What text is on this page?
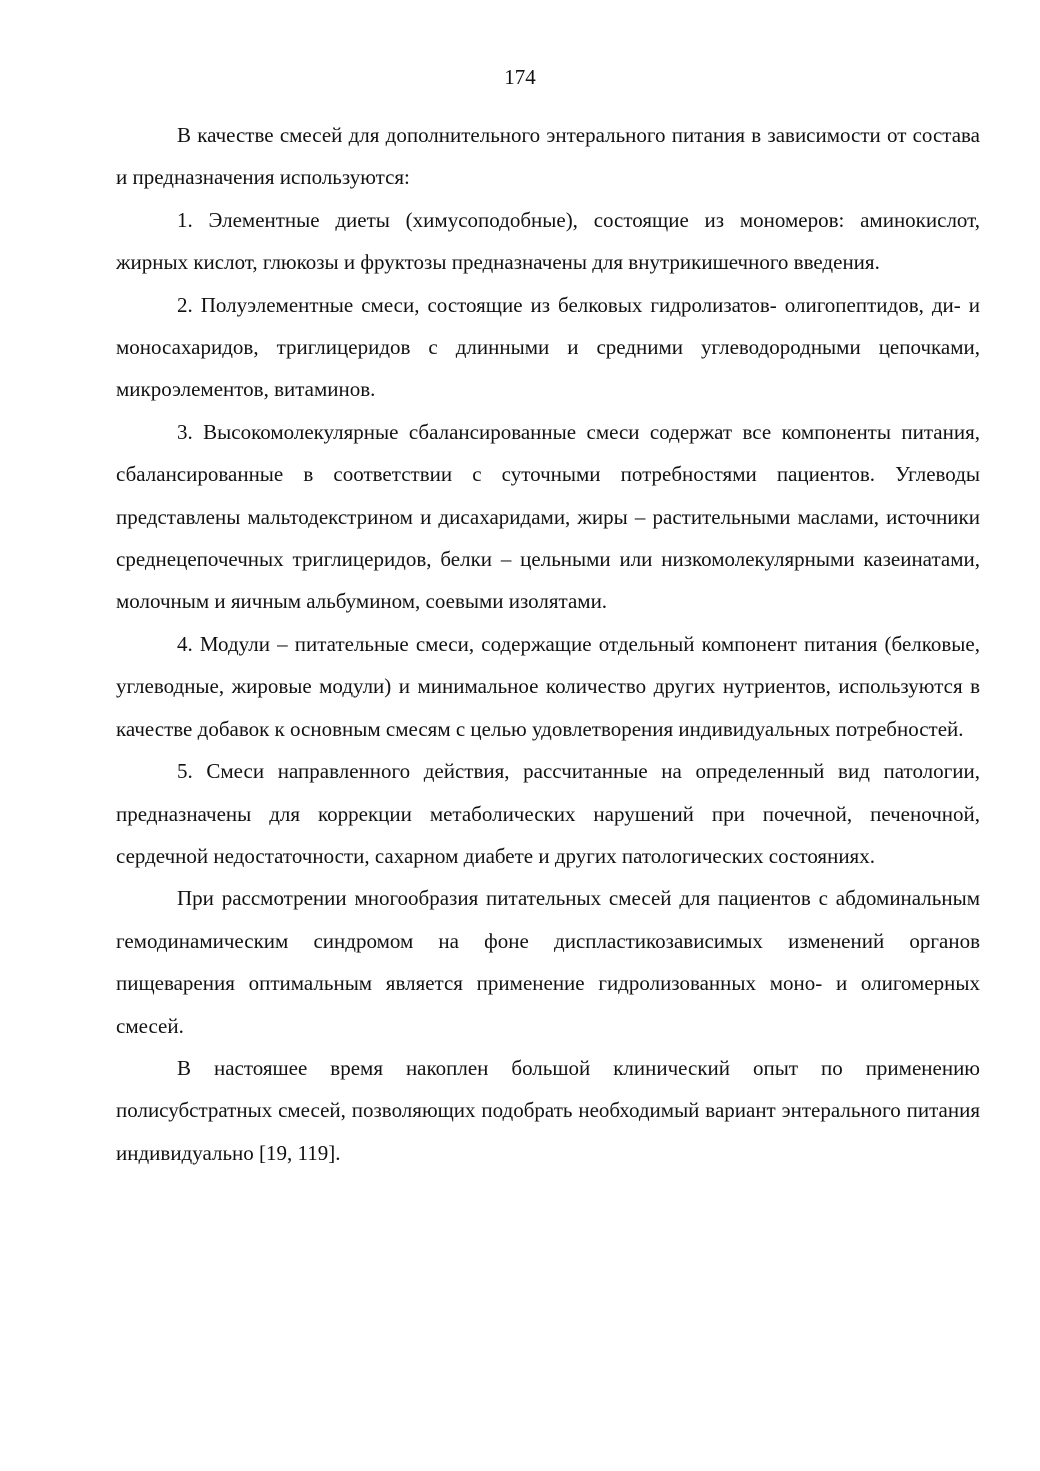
174

В качестве смесей для дополнительного энтерального питания в зависимости от состава и предназначения используются:

1. Элементные диеты (химусоподобные), состоящие из мономеров: аминокислот, жирных кислот, глюкозы и фруктозы предназначены для внутрикишечного введения.

2. Полуэлементные смеси, состоящие из белковых гидролизатов- олигопептидов, ди- и моносахаридов, триглицеридов с длинными и средними углеводородными цепочками, микроэлементов, витаминов.

3. Высокомолекулярные сбалансированные смеси содержат все компоненты питания, сбалансированные в соответствии с суточными потребностями пациентов. Углеводы представлены мальтодекстрином и дисахаридами, жиры – растительными маслами, источники среднецепочечных триглицеридов, белки – цельными или низкомолекулярными казеинатами, молочным и яичным альбумином, соевыми изолятами.

4. Модули – питательные смеси, содержащие отдельный компонент питания (белковые, углеводные, жировые модули) и минимальное количество других нутриентов, используются в качестве добавок к основным смесям с целью удовлетворения индивидуальных потребностей.

5. Смеси направленного действия, рассчитанные на определенный вид патологии, предназначены для коррекции метаболических нарушений при почечной, печеночной, сердечной недостаточности, сахарном диабете и других патологических состояниях.

При рассмотрении многообразия питательных смесей для пациентов с абдоминальным гемодинамическим синдромом на фоне диспластикозависимых изменений органов пищеварения оптимальным является применение гидролизованных моно- и олигомерных смесей.

В настояшее время накоплен большой клинический опыт по применению полисубстратных смесей, позволяющих подобрать необходимый вариант энтерального питания индивидуально [19, 119].
